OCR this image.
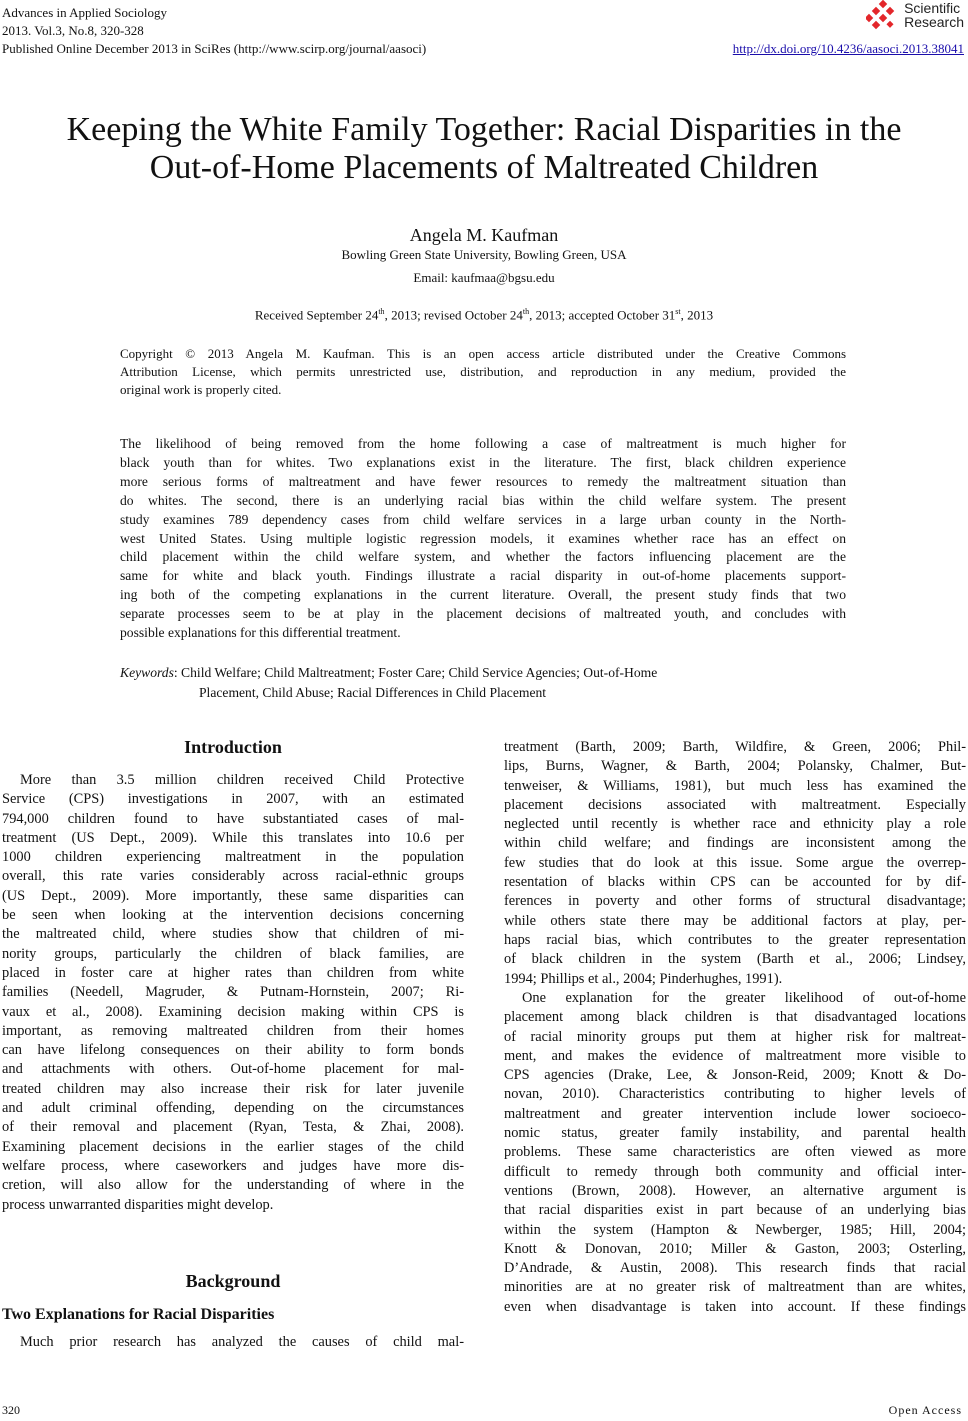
Advances in Applied Sociology
2013. Vol.3, No.8, 320-328
Published Online December 2013 in SciRes (http://www.scirp.org/journal/aasoci)
Scientific
Research
http://dx.doi.org/10.4236/aasoci.2013.38041
Keeping the White Family Together: Racial Disparities in the
Out-of-Home Placements of Maltreated Children
Angela M. Kaufman
Bowling Green State University, Bowling Green, USA
Email: kaufmaa@bgsu.edu
Received September 24th, 2013; revised October 24th, 2013; accepted October 31st, 2013
Copyright © 2013 Angela M. Kaufman. This is an open access article distributed under the Creative Commons
Attribution License, which permits unrestricted use, distribution, and reproduction in any medium, provided the
original work is properly cited.
The likelihood of being removed from the home following a case of maltreatment is much higher for
black youth than for whites. Two explanations exist in the literature. The first, black children experience
more serious forms of maltreatment and have fewer resources to remedy the maltreatment situation than
do whites. The second, there is an underlying racial bias within the child welfare system. The present
study examines 789 dependency cases from child welfare services in a large urban county in the North-
west United States. Using multiple logistic regression models, it examines whether race has an effect on
child placement within the child welfare system, and whether the factors influencing placement are the
same for white and black youth. Findings illustrate a racial disparity in out-of-home placements support-
ing both of the competing explanations in the current literature. Overall, the present study finds that two
separate processes seem to be at play in the placement decisions of maltreated youth, and concludes with
possible explanations for this differential treatment.
Keywords: Child Welfare; Child Maltreatment; Foster Care; Child Service Agencies; Out-of-Home
Placement, Child Abuse; Racial Differences in Child Placement
Introduction
More than 3.5 million children received Child Protective
Service (CPS) investigations in 2007, with an estimated
794,000 children found to have substantiated cases of mal-
treatment (US Dept., 2009). While this translates into 10.6 per
1000 children experiencing maltreatment in the population
overall, this rate varies considerably across racial-ethnic groups
(US Dept., 2009). More importantly, these same disparities can
be seen when looking at the intervention decisions concerning
the maltreated child, where studies show that children of mi-
nority groups, particularly the children of black families, are
placed in foster care at higher rates than children from white
families (Needell, Magruder, & Putnam-Hornstein, 2007; Ri-
vaux et al., 2008). Examining decision making within CPS is
important, as removing maltreated children from their homes
can have lifelong consequences on their ability to form bonds
and attachments with others. Out-of-home placement for mal-
treated children may also increase their risk for later juvenile
and adult criminal offending, depending on the circumstances
of their removal and placement (Ryan, Testa, & Zhai, 2008).
Examining placement decisions in the earlier stages of the child
welfare process, where caseworkers and judges have more dis-
cretion, will also allow for the understanding of where in the
process unwarranted disparities might develop.
Background
Two Explanations for Racial Disparities
Much prior research has analyzed the causes of child mal-
treatment (Barth, 2009; Barth, Wildfire, & Green, 2006; Phil-
lips, Burns, Wagner, & Barth, 2004; Polansky, Chalmer, But-
tenweiser, & Williams, 1981), but much less has examined the
placement decisions associated with maltreatment. Especially
neglected until recently is whether race and ethnicity play a role
within child welfare; and findings are inconsistent among the
few studies that do look at this issue. Some argue the overrep-
resentation of blacks within CPS can be accounted for by dif-
ferences in poverty and other forms of structural disadvantage;
while others state there may be additional factors at play, per-
haps racial bias, which contributes to the greater representation
of black children in the system (Barth et al., 2006; Lindsey,
1994; Phillips et al., 2004; Pinderhughes, 1991).
One explanation for the greater likelihood of out-of-home
placement among black children is that disadvantaged locations
of racial minority groups put them at higher risk for maltreat-
ment, and makes the evidence of maltreatment more visible to
CPS agencies (Drake, Lee, & Jonson-Reid, 2009; Knott & Do-
novan, 2010). Characteristics contributing to higher levels of
maltreatment and greater intervention include lower socioeco-
nomic status, greater family instability, and parental health
problems. These same characteristics are often viewed as more
difficult to remedy through both community and official inter-
ventions (Brown, 2008). However, an alternative argument is
that racial disparities exist in part because of an underlying bias
within the system (Hampton & Newberger, 1985; Hill, 2004;
Knott & Donovan, 2010; Miller & Gaston, 2003; Osterling,
D’Andrade, & Austin, 2008). This research finds that racial
minorities are at no greater risk of maltreatment than are whites,
even when disadvantage is taken into account. If these findings
320	Open Access
